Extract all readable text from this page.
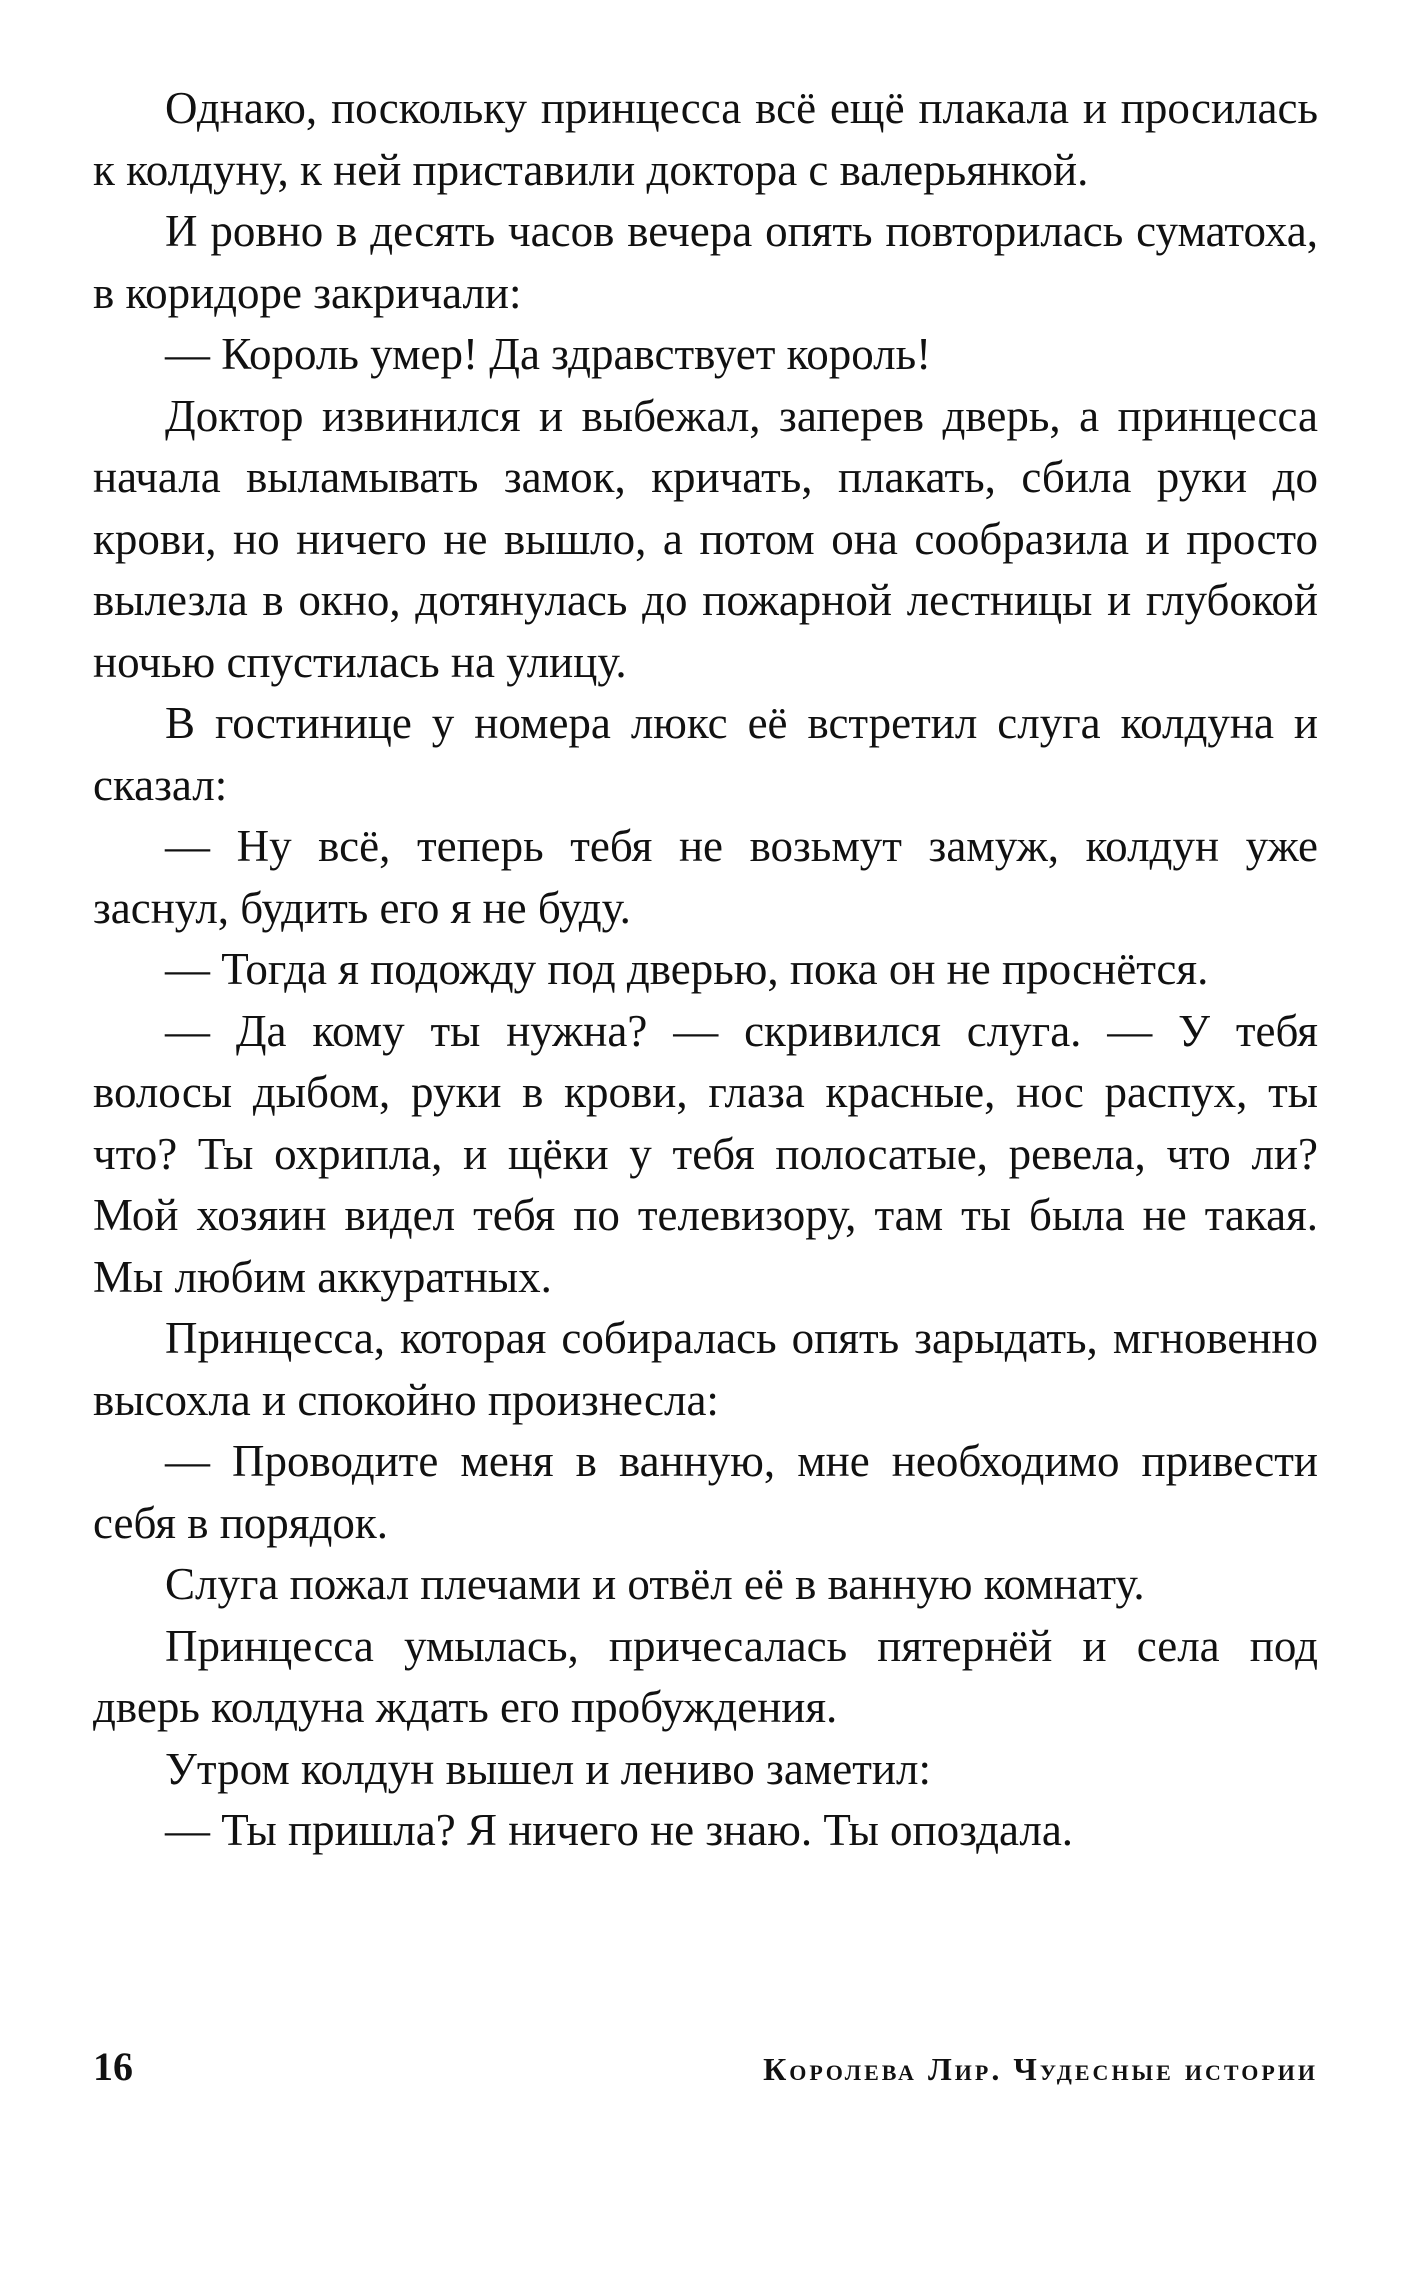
Однако, поскольку принцесса всё ещё плакала и просилась к колдуну, к ней приставили доктора с валерьянкой.

И ровно в десять часов вечера опять повторилась суматоха, в коридоре закричали:

— Король умер! Да здравствует король!

Доктор извинился и выбежал, заперев дверь, а принцесса начала выламывать замок, кричать, плакать, сбила руки до крови, но ничего не вышло, а потом она сообразила и просто вылезла в окно, дотянулась до пожарной лестницы и глубокой ночью спустилась на улицу.

В гостинице у номера люкс её встретил слуга колдуна и сказал:

— Ну всё, теперь тебя не возьмут замуж, колдун уже заснул, будить его я не буду.

— Тогда я подожду под дверью, пока он не проснётся.

— Да кому ты нужна? — скривился слуга. — У тебя волосы дыбом, руки в крови, глаза красные, нос распух, ты что? Ты охрипла, и щёки у тебя полосатые, ревела, что ли? Мой хозяин видел тебя по телевизору, там ты была не такая. Мы любим аккуратных.

Принцесса, которая собиралась опять зарыдать, мгновенно высохла и спокойно произнесла:

— Проводите меня в ванную, мне необходимо привести себя в порядок.

Слуга пожал плечами и отвёл её в ванную комнату.

Принцесса умылась, причесалась пятернёй и села под дверь колдуна ждать его пробуждения.

Утром колдун вышел и лениво заметил:

— Ты пришла? Я ничего не знаю. Ты опоздала.

16	Королева Лир. Чудесные истории
